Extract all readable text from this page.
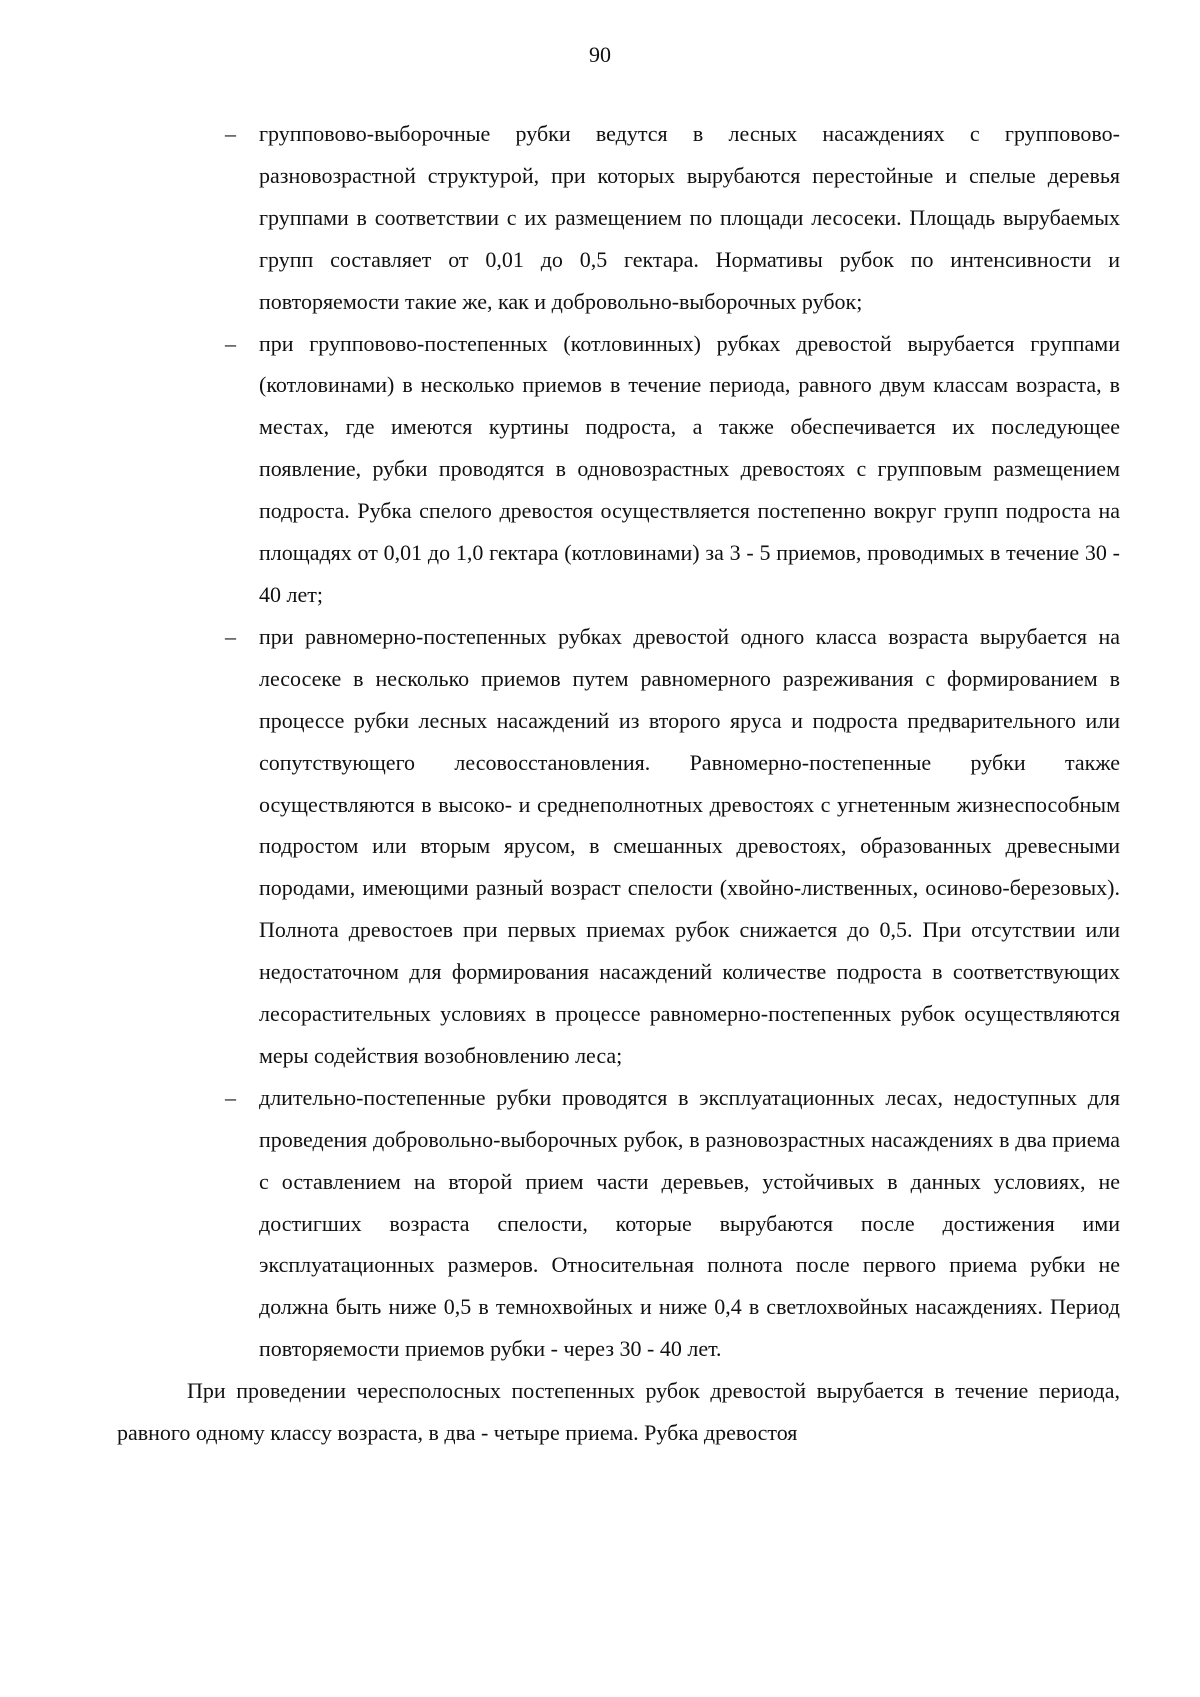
90
– групповово-выборочные рубки ведутся в лесных насаждениях с групповово-разновозрастной структурой, при которых вырубаются перестойные и спелые деревья группами в соответствии с их размещением по площади лесосеки. Площадь вырубаемых групп составляет от 0,01 до 0,5 гектара. Нормативы рубок по интенсивности и повторяемости такие же, как и добровольно-выборочных рубок;
– при групповово-постепенных (котловинных) рубках древостой вырубается группами (котловинами) в несколько приемов в течение периода, равного двум классам возраста, в местах, где имеются куртины подроста, а также обеспечивается их последующее появление, рубки проводятся в одновозрастных древостоях с групповым размещением подроста. Рубка спелого древостоя осуществляется постепенно вокруг групп подроста на площадях от 0,01 до 1,0 гектара (котловинами) за 3 - 5 приемов, проводимых в течение 30 - 40 лет;
– при равномерно-постепенных рубках древостой одного класса возраста вырубается на лесосеке в несколько приемов путем равномерного разреживания с формированием в процессе рубки лесных насаждений из второго яруса и подроста предварительного или сопутствующего лесовосстановления. Равномерно-постепенные рубки также осуществляются в высоко- и среднеполнотных древостоях с угнетенным жизнеспособным подростом или вторым ярусом, в смешанных древостоях, образованных древесными породами, имеющими разный возраст спелости (хвойно-лиственных, осиново-березовых). Полнота древостоев при первых приемах рубок снижается до 0,5. При отсутствии или недостаточном для формирования насаждений количестве подроста в соответствующих лесорастительных условиях в процессе равномерно-постепенных рубок осуществляются меры содействия возобновлению леса;
– длительно-постепенные рубки проводятся в эксплуатационных лесах, недоступных для проведения добровольно-выборочных рубок, в разновозрастных насаждениях в два приема с оставлением на второй прием части деревьев, устойчивых в данных условиях, не достигших возраста спелости, которые вырубаются после достижения ими эксплуатационных размеров. Относительная полнота после первого приема рубки не должна быть ниже 0,5 в темнохвойных и ниже 0,4 в светлохвойных насаждениях. Период повторяемости приемов рубки - через 30 - 40 лет.

При проведении чересполосных постепенных рубок древостой вырубается в течение периода, равного одному классу возраста, в два - четыре приема. Рубка древостоя
